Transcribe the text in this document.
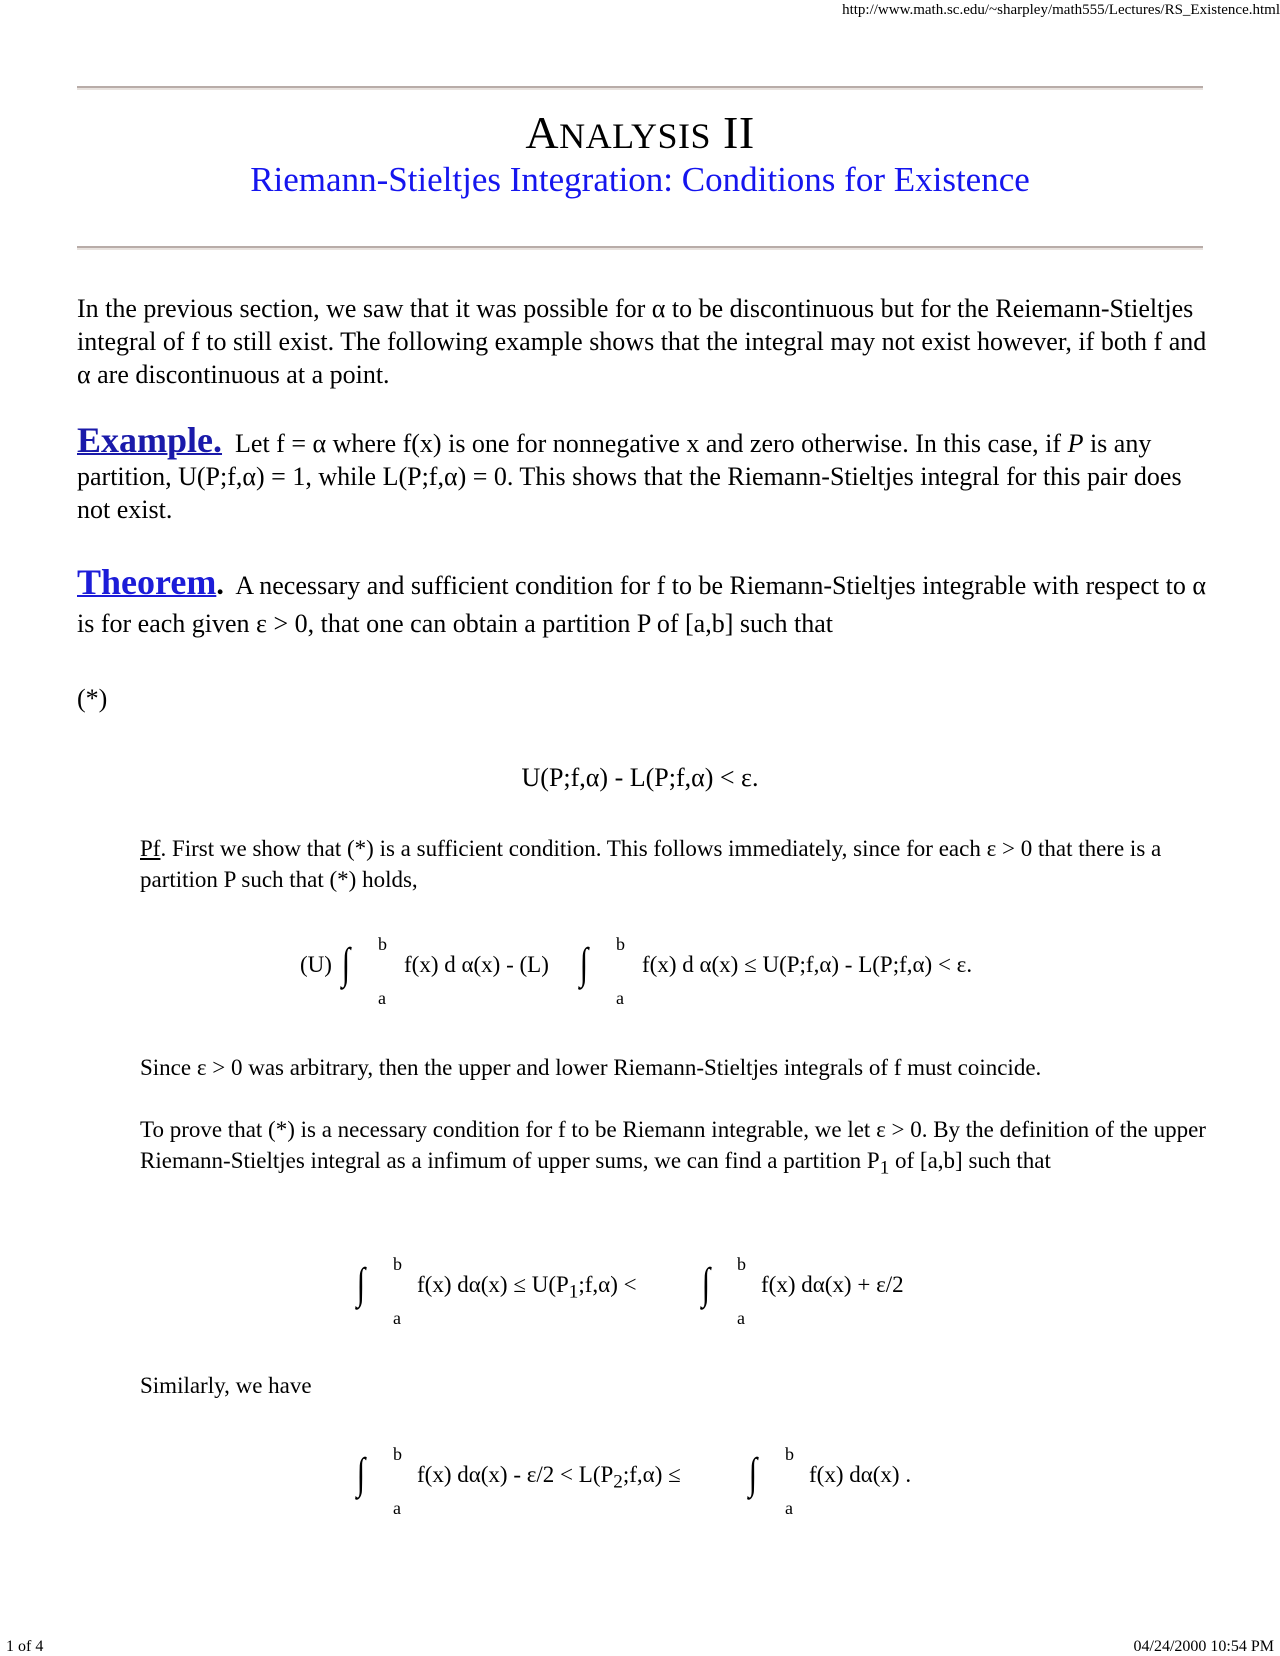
http://www.math.sc.edu/~sharpley/math555/Lectures/RS_Existence.html
ANALYSIS II
Riemann-Stieltjes Integration: Conditions for Existence

In the previous section, we saw that it was possible for α to be discontinuous but for the Reiemann-Stieltjes integral of f to still exist. The following example shows that the integral may not exist however, if both f and α are discontinuous at a point.

Example. Let f = α where f(x) is one for nonnegative x and zero otherwise. In this case, if P is any partition, U(P;f,α) = 1, while L(P;f,α) = 0. This shows that the Riemann-Stieltjes integral for this pair does not exist.

Theorem. A necessary and sufficient condition for f to be Riemann-Stieltjes integrable with respect to α is for each given ε > 0, that one can obtain a partition P of [a,b] such that

(*)
U(P;f,α) - L(P;f,α) < ε.

Pf. First we show that (*) is a sufficient condition. This follows immediately, since for each ε > 0 that there is a partition P such that (*) holds,

(U) ∫ b
a
f(x) d α(x) - (L) ∫ b
a
f(x) d α(x) ≤ U(P;f,α) - L(P;f,α) < ε.

Since ε > 0 was arbitrary, then the upper and lower Riemann-Stieltjes integrals of f must coincide.

To prove that (*) is a necessary condition for f to be Riemann integrable, we let ε > 0. By the definition of the upper Riemann-Stieltjes integral as a infimum of upper sums, we can find a partition $P_1$ of [a,b] such that

∫ b
a
f(x) $d\alpha(x) \le U(P_1;f,\alpha)$ < ∫ b
a
f(x) dα(x) + ε/2

Similarly, we have

∫ b
a
f(x) $d\alpha(x) - \varepsilon/2 < L(P_2;f,\alpha)$ ≤ ∫ b
a
f(x) dα(x) .
1 of 4	04/24/2000 10:54 PM
